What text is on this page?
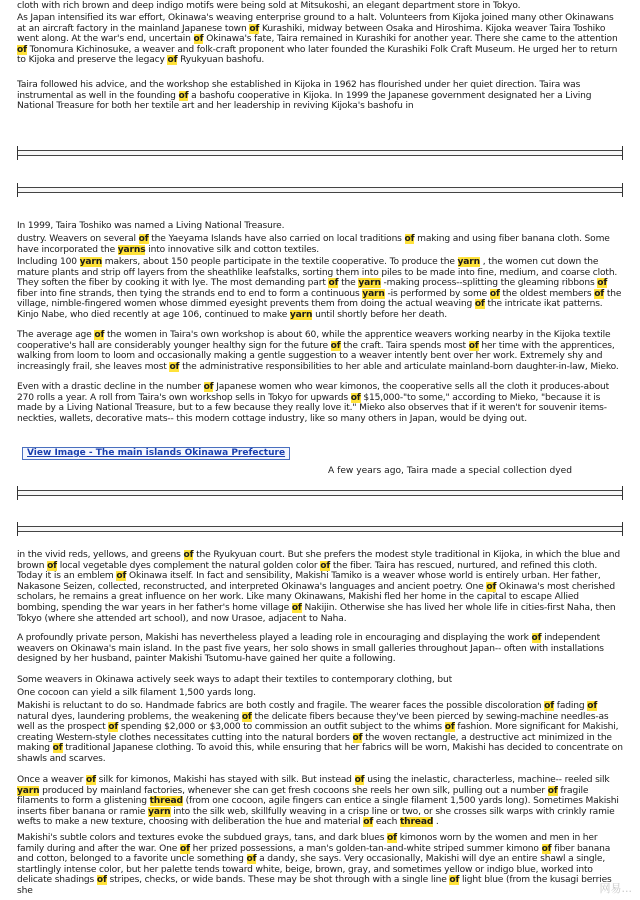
cloth with rich brown and deep indigo motifs were being sold at Mitsukoshi, an elegant department store in Tokyo.

As Japan intensified its war effort, Okinawa's weaving enterprise ground to a halt. Volunteers from Kijoka joined many other Okinawans at an aircraft factory in the mainland Japanese town of Kurashiki, midway between Osaka and Hiroshima. Kijoka weaver Taira Toshiko went along. At the war's end, uncertain of Okinawa's fate, Taira remained in Kurashiki for another year. There she came to the attention of Tonomura Kichinosuke, a weaver and folk-craft proponent who later founded the Kurashiki Folk Craft Museum. He urged her to return to Kijoka and preserve the legacy of Ryukyuan bashofu.

Taira followed his advice, and the workshop she established in Kijoka in 1962 has flourished under her quiet direction. Taira was instrumental as well in the founding of a bashofu cooperative in Kijoka. In 1999 the Japanese government designated her a Living National Treasure for both her textile art and her leadership in reviving Kijoka's bashofu in

In 1999, Taira Toshiko was named a Living National Treasure.

dustry. Weavers on several of the Yaeyama Islands have also carried on local traditions of making and using fiber banana cloth. Some have incorporated the yarns into innovative silk and cotton textiles.

Including 100 yarn makers, about 150 people participate in the textile cooperative. To produce the yarn , the women cut down the mature plants and strip off layers from the sheathlike leafstalks, sorting them into piles to be made into fine, medium, and coarse cloth. They soften the fiber by cooking it with lye. The most demanding part of the yarn -making process--splitting the gleaming ribbons of fiber into fine strands, then tying the strands end to end to form a continuous yarn -is performed by some of the oldest members of the village, nimble-fingered women whose dimmed eyesight prevents them from doing the actual weaving of the intricate ikat patterns. Kinjo Nabe, who died recently at age 106, continued to make yarn until shortly before her death.

The average age of the women in Taira's own workshop is about 60, while the apprentice weavers working nearby in the Kijoka textile cooperative's hall are considerably younger healthy sign for the future of the craft. Taira spends most of her time with the apprentices, walking from loom to loom and occasionally making a gentle suggestion to a weaver intently bent over her work. Extremely shy and increasingly frail, she leaves most of the administrative responsibilities to her able and articulate mainland-born daughter-in-law, Mieko.

Even with a drastic decline in the number of Japanese women who wear kimonos, the cooperative sells all the cloth it produces-about 270 rolls a year. A roll from Taira's own workshop sells in Tokyo for upwards of $15,000-"to some," according to Mieko, "because it is made by a Living National Treasure, but to a few because they really love it." Mieko also observes that if it weren't for souvenir items-neckties, wallets, decorative mats-- this modern cottage industry, like so many others in Japan, would be dying out.

View Image - The main islands Okinawa Prefecture
A few years ago, Taira made a special collection dyed

in the vivid reds, yellows, and greens of the Ryukyuan court. But she prefers the modest style traditional in Kijoka, in which the blue and brown of local vegetable dyes complement the natural golden color of the fiber. Taira has rescued, nurtured, and refined this cloth. Today it is an emblem of Okinawa itself. In fact and sensibility, Makishi Tamiko is a weaver whose world is entirely urban. Her father, Nakasone Seizen, collected, reconstructed, and interpreted Okinawa's languages and ancient poetry. One of Okinawa's most cherished scholars, he remains a great influence on her work. Like many Okinawans, Makishi fled her home in the capital to escape Allied bombing, spending the war years in her father's home village of Nakijin. Otherwise she has lived her whole life in cities-first Naha, then Tokyo (where she attended art school), and now Urasoe, adjacent to Naha.

A profoundly private person, Makishi has nevertheless played a leading role in encouraging and displaying the work of independent weavers on Okinawa's main island. In the past five years, her solo shows in small galleries throughout Japan-- often with installations designed by her husband, painter Makishi Tsutomu-have gained her quite a following.

Some weavers in Okinawa actively seek ways to adapt their textiles to contemporary clothing, but

One cocoon can yield a silk filament 1,500 yards long.

Makishi is reluctant to do so. Handmade fabrics are both costly and fragile. The wearer faces the possible discoloration of fading of natural dyes, laundering problems, the weakening of the delicate fibers because they've been pierced by sewing-machine needles-as well as the prospect of spending $2,000 or $3,000 to commission an outfit subject to the whims of fashion. More significant for Makishi, creating Western-style clothes necessitates cutting into the natural borders of the woven rectangle, a destructive act minimized in the making of traditional Japanese clothing. To avoid this, while ensuring that her fabrics will be worn, Makishi has decided to concentrate on shawls and scarves.

Once a weaver of silk for kimonos, Makishi has stayed with silk. But instead of using the inelastic, characterless, machine-- reeled silk yarn produced by mainland factories, whenever she can get fresh cocoons she reels her own silk, pulling out a number of fragile filaments to form a glistening thread (from one cocoon, agile fingers can entice a single filament 1,500 yards long). Sometimes Makishi inserts fiber banana or ramie yarn into the silk web, skillfully weaving in a crisp line or two, or she crosses silk warps with crinkly ramie wefts to make a new texture, choosing with deliberation the hue and material of each thread .

Makishi's subtle colors and textures evoke the subdued grays, tans, and dark blues of kimonos worn by the women and men in her family during and after the war. One of her prized possessions, a man's golden-tan-and-white striped summer kimono of fiber banana and cotton, belonged to a favorite uncle something of a dandy, she says. Very occasionally, Makishi will dye an entire shawl a single, startlingly intense color, but her palette tends toward white, beige, brown, gray, and sometimes yellow or indigo blue, worked into delicate shadings of stripes, checks, or wide bands. These may be shot through with a single line of light blue (from the kusagi berries she	网易...
